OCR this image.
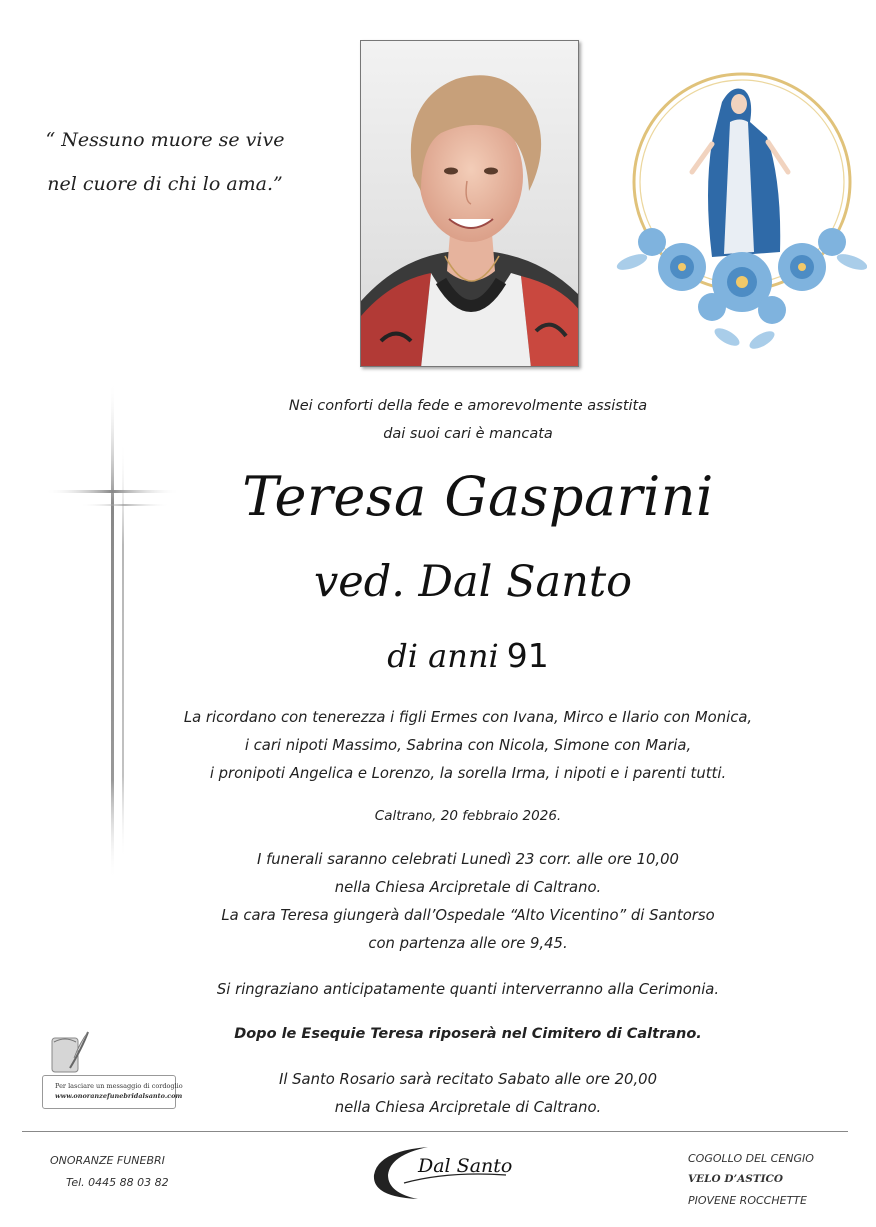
“ Nessuno muore se vive
nel cuore di chi lo ama.”
Nei conforti della fede e amorevolmente assistita
dai suoi cari è mancata
Teresa Gasparini
ved. Dal Santo
di anni 91
La ricordano con tenerezza i figli Ermes con Ivana, Mirco e Ilario con Monica,
i cari nipoti Massimo, Sabrina con Nicola, Simone con Maria,
i pronipoti Angelica e Lorenzo, la sorella Irma, i nipoti e i parenti tutti.
Caltrano, 20 febbraio 2026.
I funerali saranno celebrati Lunedì 23 corr. alle ore 10,00
nella Chiesa Arcipretale di Caltrano.
La cara Teresa giungerà dall’Ospedale “Alto Vicentino” di Santorso
con partenza alle ore 9,45.
Si ringraziano anticipatamente quanti interverranno alla Cerimonia.
Dopo le Esequie Teresa riposerà nel Cimitero di Caltrano.
Il Santo Rosario sarà recitato Sabato alle ore 20,00
nella Chiesa Arcipretale di Caltrano.
Per lasciare un messaggio di cordoglio
www.onoranzefunebridalsanto.com
ONORANZE FUNEBRI
Tel. 0445 88 03 82
Dal Santo	COGOLLO DEL CENGIO
VELO D’ASTICO
PIOVENE ROCCHETTE
